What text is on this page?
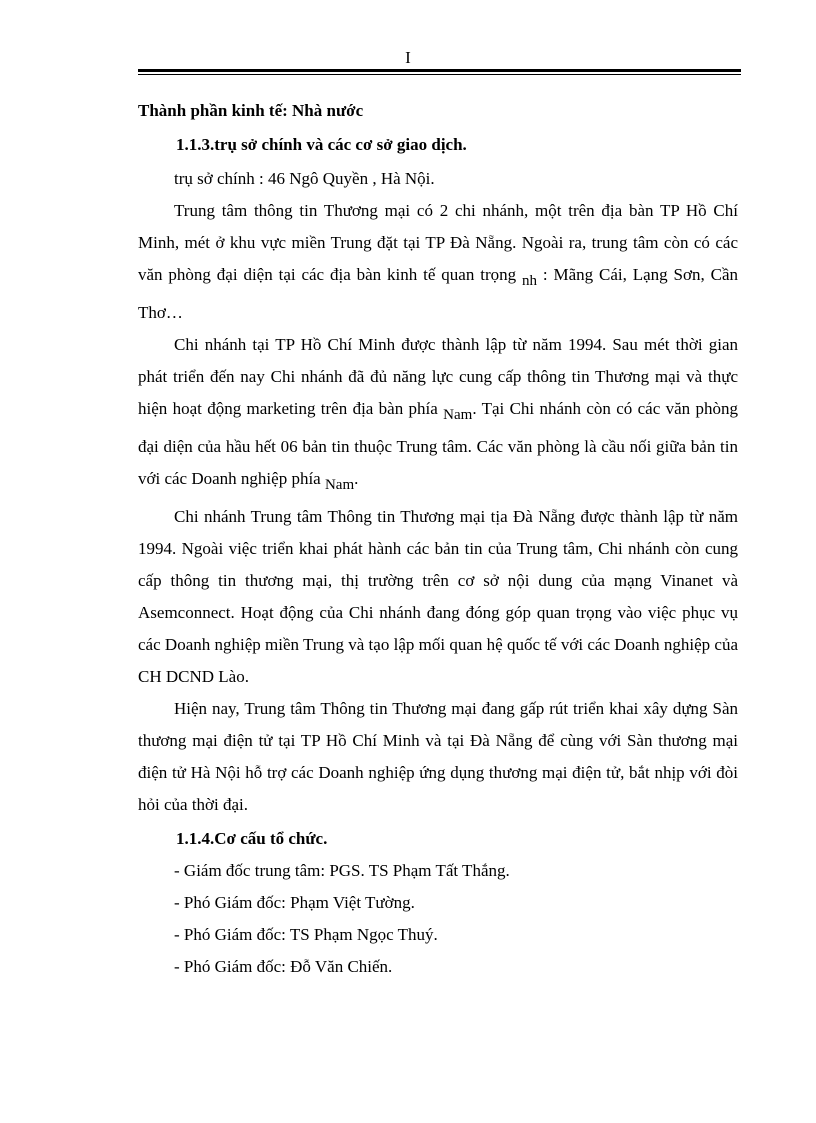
I

Thành phần kinh tế: Nhà nước

1.1.3.trụ sở chính và các cơ sở giao dịch.

trụ sở chính : 46 Ngô Quyền , Hà Nội.

Trung tâm thông tin Thương mại có 2 chi nhánh, một trên địa bàn TP Hồ Chí Minh, mét ở khu vực miền Trung đặt tại TP Đà Nẵng. Ngoài ra, trung tâm còn có các văn phòng đại diện tại các địa bàn kinh tế quan trọng nh : Mãng Cái, Lạng Sơn, Cần Thơ…

Chi nhánh tại TP Hồ Chí Minh được thành lập từ năm 1994. Sau mét thời gian phát triển đến nay Chi nhánh đã đủ năng lực cung cấp thông tin Thương mại và thực hiện hoạt động marketing trên địa bàn phía Nam. Tại Chi nhánh còn có các văn phòng đại diện của hầu hết 06 bản tin thuộc Trung tâm. Các văn phòng là cầu nối giữa bản tin với các Doanh nghiệp phía Nam.

Chi nhánh Trung tâm Thông tin Thương mại tịa Đà Nẵng được thành lập từ năm 1994. Ngoài việc triển khai phát hành các bản tin của Trung tâm, Chi nhánh còn cung cấp thông tin thương mại, thị trường trên cơ sở nội dung của mạng Vinanet và Asemconnect. Hoạt động của Chi nhánh đang đóng góp quan trọng vào việc phục vụ các Doanh nghiệp miền Trung và tạo lập mối quan hệ quốc tế với các Doanh nghiệp của CH DCND Lào.

Hiện nay, Trung tâm Thông tin Thương mại đang gấp rút triển khai xây dựng Sàn thương mại điện tử tại TP Hồ Chí Minh và tại Đà Nẵng để cùng với Sàn thương mại điện tử Hà Nội hỗ trợ các Doanh nghiệp ứng dụng thương mại điện tử, bắt nhịp với đòi hỏi của thời đại.

1.1.4.Cơ cấu tổ chức.

- Giám đốc trung tâm: PGS. TS Phạm Tất Thắng.

- Phó Giám đốc: Phạm Việt Tường.

- Phó Giám đốc: TS Phạm Ngọc Thuý.

- Phó Giám đốc: Đỗ Văn Chiến.
